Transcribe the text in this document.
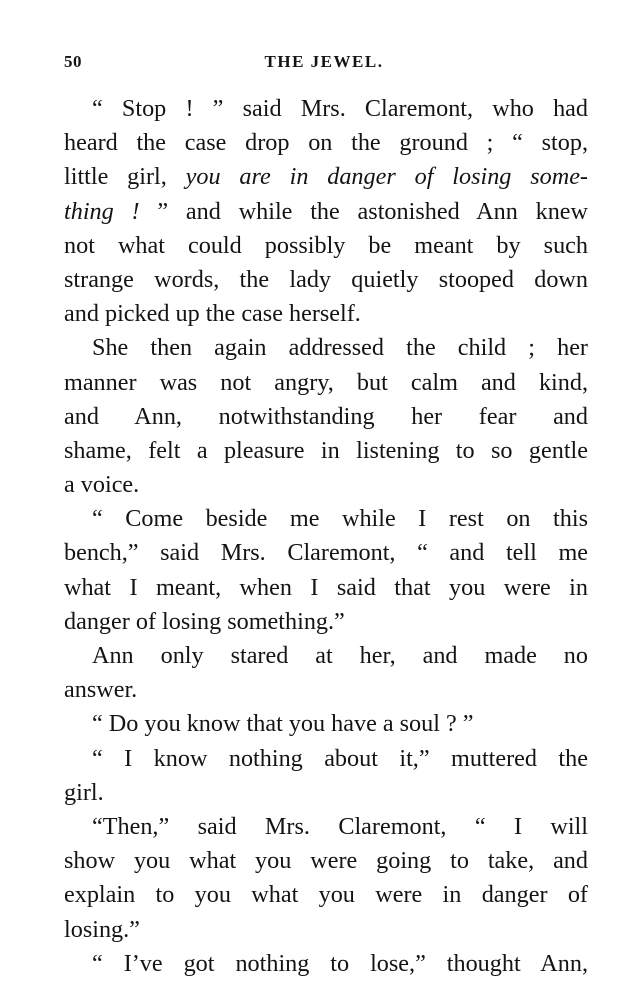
50	THE JEWEL.
“ Stop ! ” said Mrs. Claremont, who had
heard the case drop on the ground ; “ stop,
little girl, you are in danger of losing some-
thing ! ” and while the astonished Ann knew
not what could possibly be meant by such
strange words, the lady quietly stooped down
and picked up the case herself.
She then again addressed the child ; her
manner was not angry, but calm and kind,
and Ann, notwithstanding her fear and
shame, felt a pleasure in listening to so gentle
a voice.
“ Come beside me while I rest on this
bench,” said Mrs. Claremont, “ and tell me
what I meant, when I said that you were in
danger of losing something.”
Ann only stared at her, and made no
answer.
“ Do you know that you have a soul ? ”
“ I know nothing about it,” muttered the
girl.
“Then,” said Mrs. Claremont, “ I will
show you what you were going to take, and
explain to you what you were in danger of
losing.”
“ I’ve got nothing to lose,” thought Ann,
